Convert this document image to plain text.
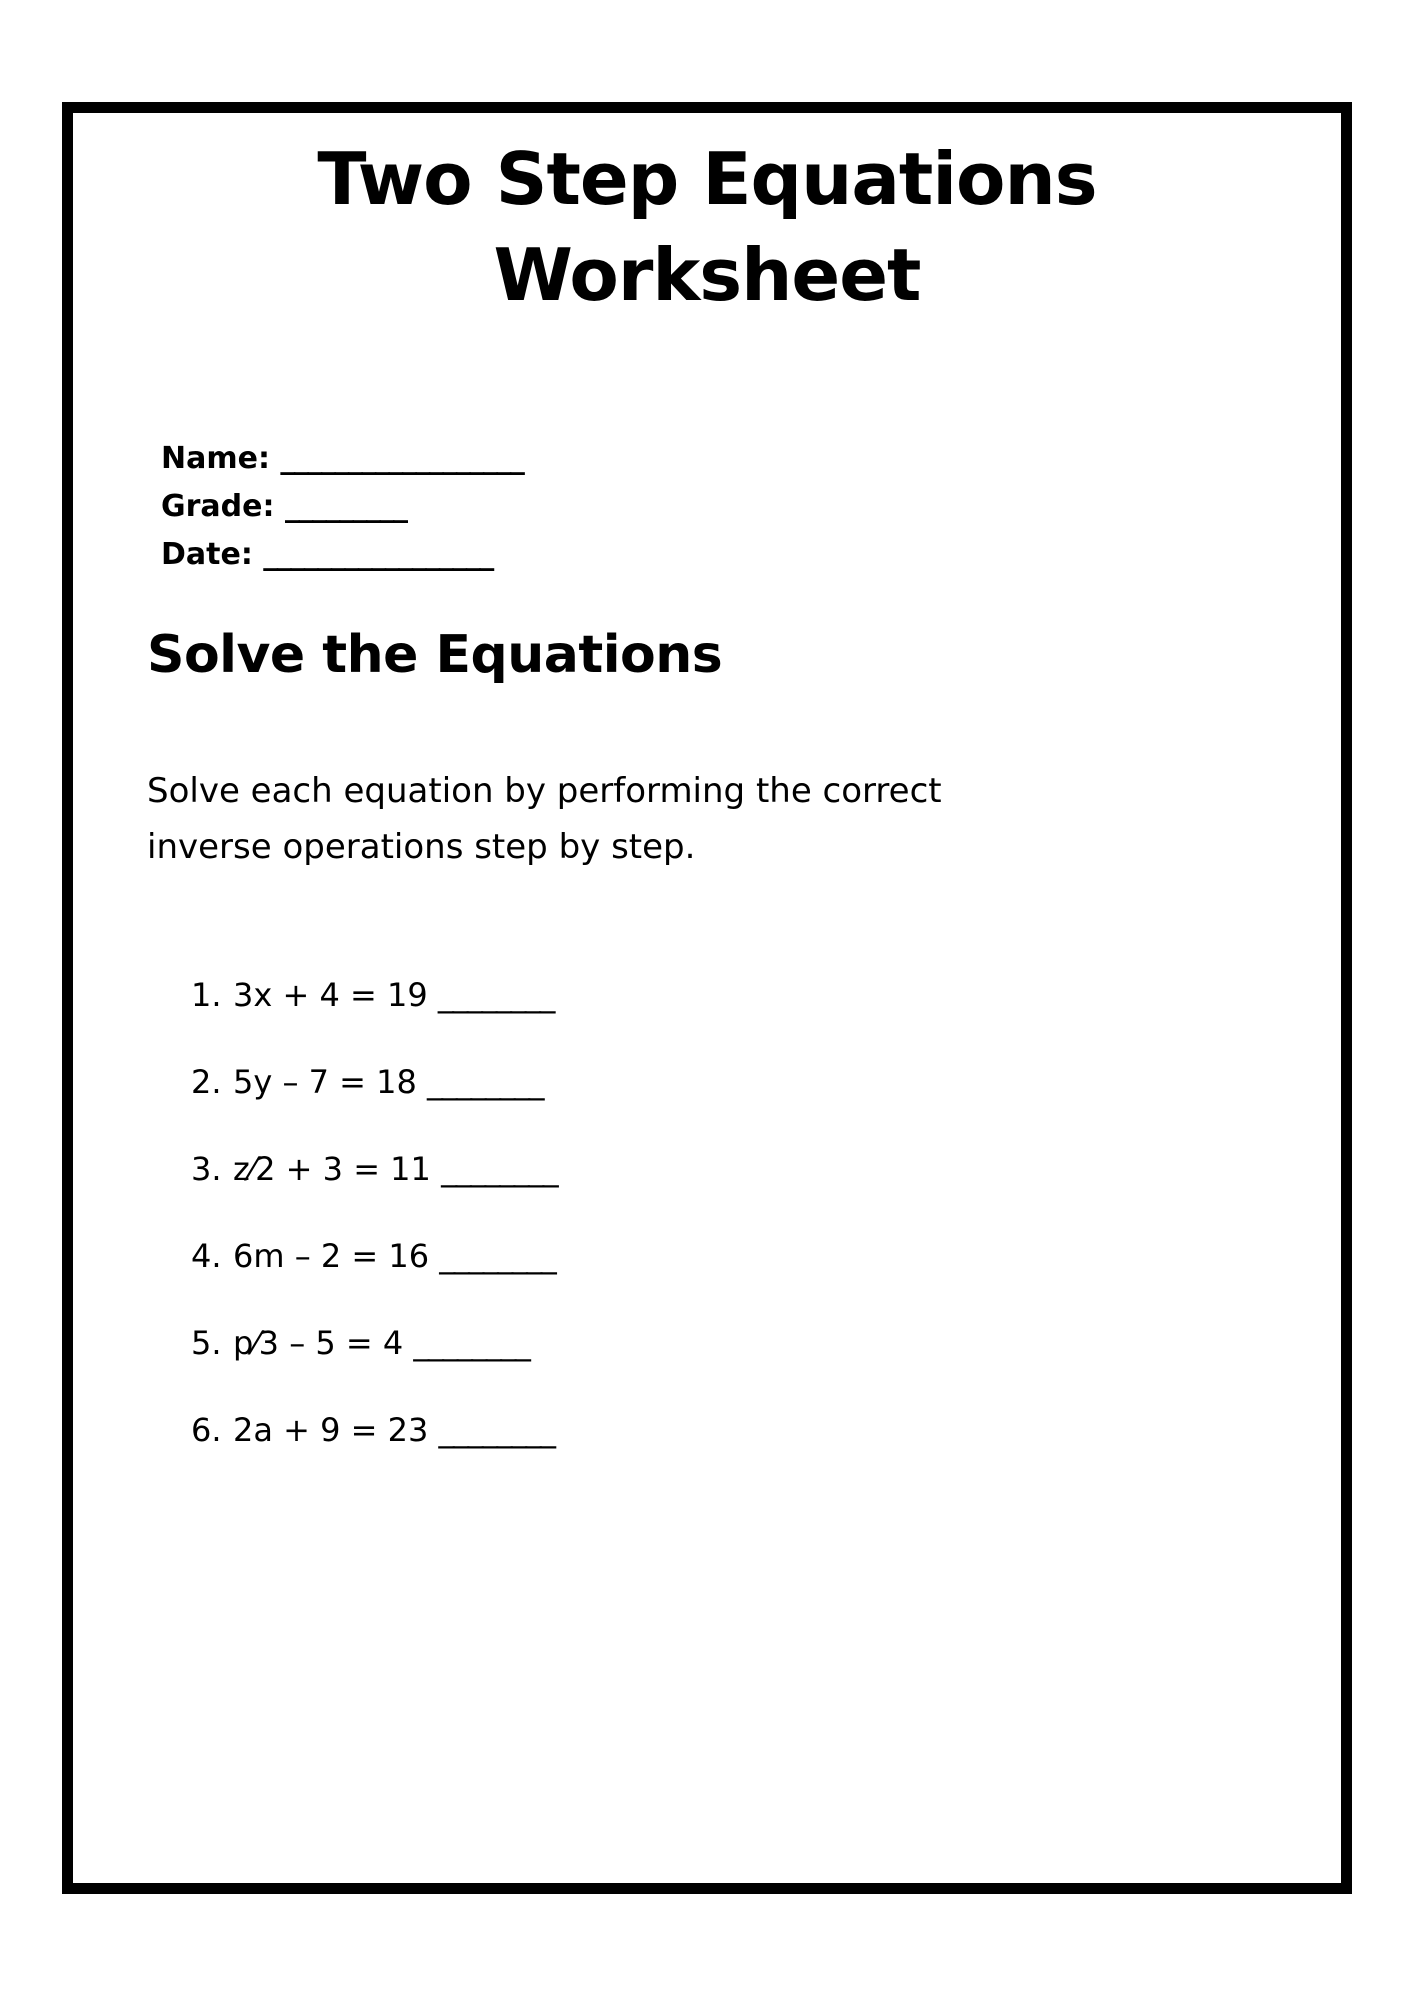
Two Step Equations
Worksheet
Name: __________________
Grade: _________
Date: _________________
Solve the Equations
Solve each equation by performing the correct inverse operations step by step.
1. 3x + 4 = 19 ________
2. 5y – 7 = 18 ________
3. z⁄2 + 3 = 11 ________
4. 6m – 2 = 16 ________
5. p⁄3 – 5 = 4 ________
6. 2a + 9 = 23 ________
